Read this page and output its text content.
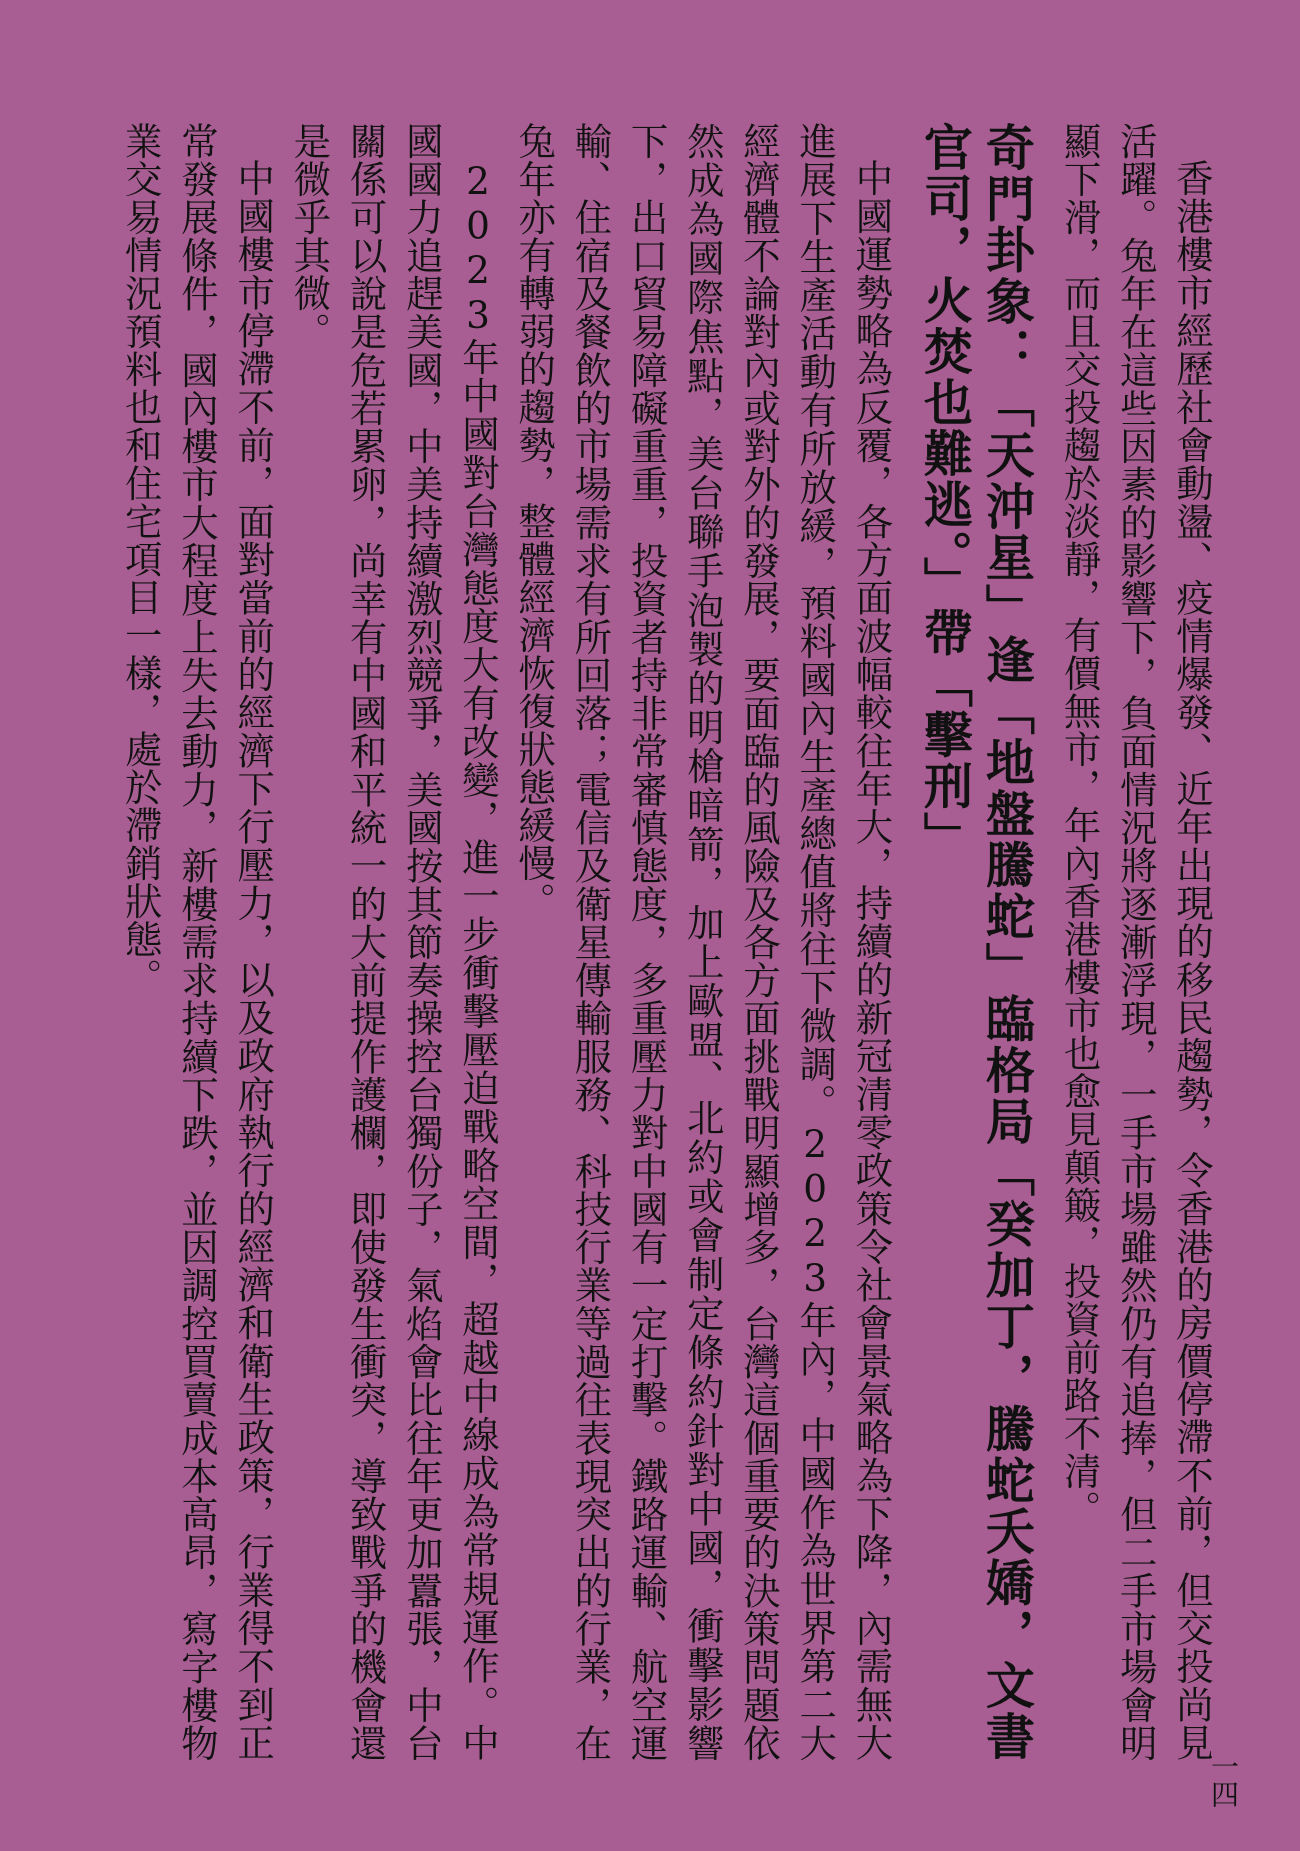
香港樓市經歷社會動盪、疫情爆發、近年出現的移民趨勢，令香港的房價停滯不前，但交投尚見活躍。兔年在這些因素的影響下，負面情況將逐漸浮現，一手市場雖然仍有追捧，但二手市場會明顯下滑，而且交投趨於淡靜，有價無市，年內香港樓市也愈見顛簸，投資前路不清。

奇門卦象：「天沖星」逢「地盤騰蛇」臨格局「癸加丁，騰蛇夭嬌，文書官司，火焚也難逃。」帶「擊刑」

中國運勢略為反覆，各方面波幅較往年大，持續的新冠清零政策令社會景氣略為下降，內需無大進展下生產活動有所放緩，預料國內生產總值將往下微調。2023年內，中國作為世界第二大經濟體不論對內或對外的發展，要面臨的風險及各方面挑戰明顯增多，台灣這個重要的決策問題依然成為國際焦點，美台聯手泡製的明槍暗箭，加上歐盟、北約或會制定條約針對中國，衝擊影響下，出口貿易障礙重重，投資者持非常審慎態度，多重壓力對中國有一定打擊。鐵路運輸、航空運輸、住宿及餐飲的市場需求有所回落；電信及衛星傳輸服務、科技行業等過往表現突出的行業，在兔年亦有轉弱的趨勢，整體經濟恢復狀態緩慢。

2023年中國對台灣態度大有改變，進一步衝擊壓迫戰略空間，超越中線成為常規運作。中國國力追趕美國，中美持續激烈競爭，美國按其節奏操控台獨份子，氣焰會比往年更加囂張，中台關係可以說是危若累卵，尚幸有中國和平統一的大前提作護欄，即使發生衝突，導致戰爭的機會還是微乎其微。

中國樓市停滯不前，面對當前的經濟下行壓力，以及政府執行的經濟和衛生政策，行業得不到正常發展條件，國內樓市大程度上失去動力，新樓需求持續下跌，並因調控買賣成本高昂，寫字樓物業交易情況預料也和住宅項目一樣，處於滯銷狀態。

一四
